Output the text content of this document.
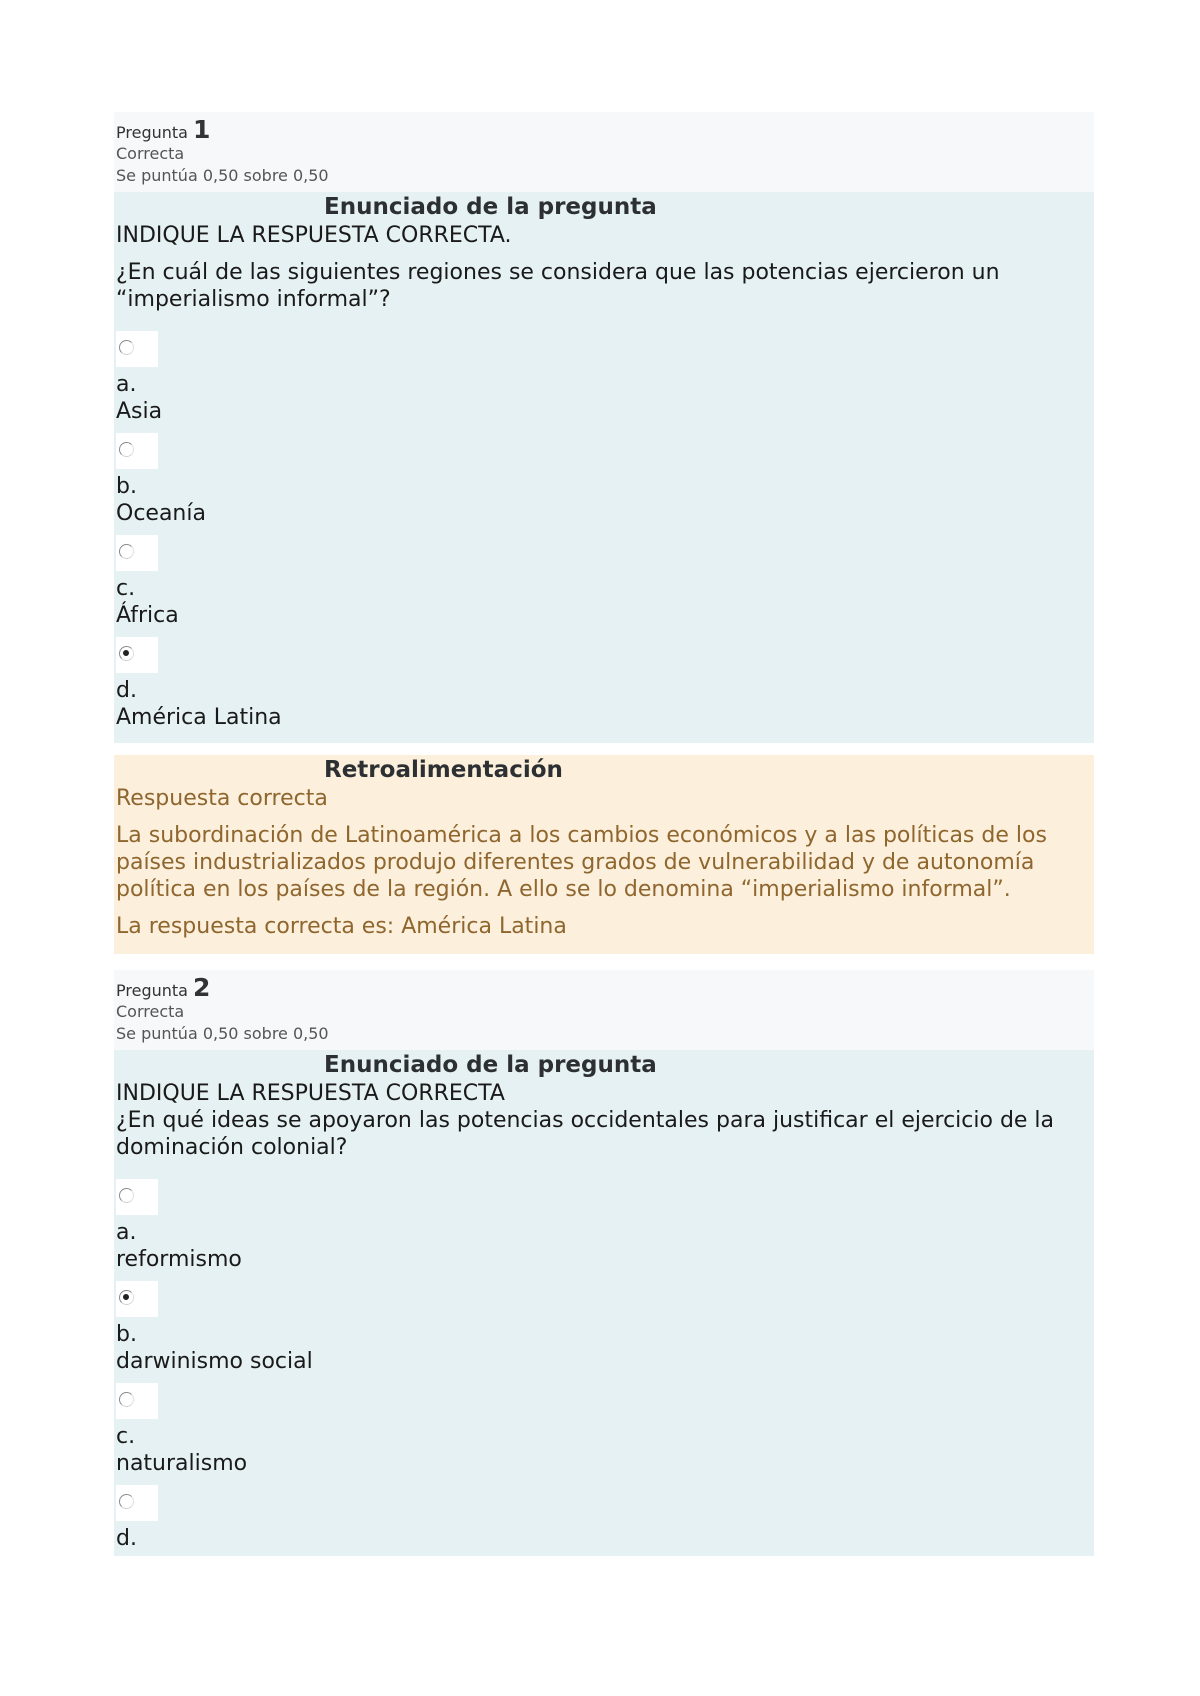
Pregunta 1
Correcta
Se puntúa 0,50 sobre 0,50
Enunciado de la pregunta

INDIQUE LA RESPUESTA CORRECTA.

¿En cuál de las siguientes regiones se considera que las potencias ejercieron un “imperialismo informal”?

a.
Asia
b.
Oceanía
c.
África
d.
América Latina
Retroalimentación

Respuesta correcta

La subordinación de Latinoamérica a los cambios económicos y a las políticas de los países industrializados produjo diferentes grados de vulnerabilidad y de autonomía política en los países de la región. A ello se lo denomina “imperialismo informal”.

La respuesta correcta es: América Latina

Pregunta 2
Correcta
Se puntúa 0,50 sobre 0,50
Enunciado de la pregunta
INDIQUE LA RESPUESTA CORRECTA
¿En qué ideas se apoyaron las potencias occidentales para justificar el ejercicio de la dominación colonial?
a.
reformismo
b.
darwinismo social
c.
naturalismo
d.
